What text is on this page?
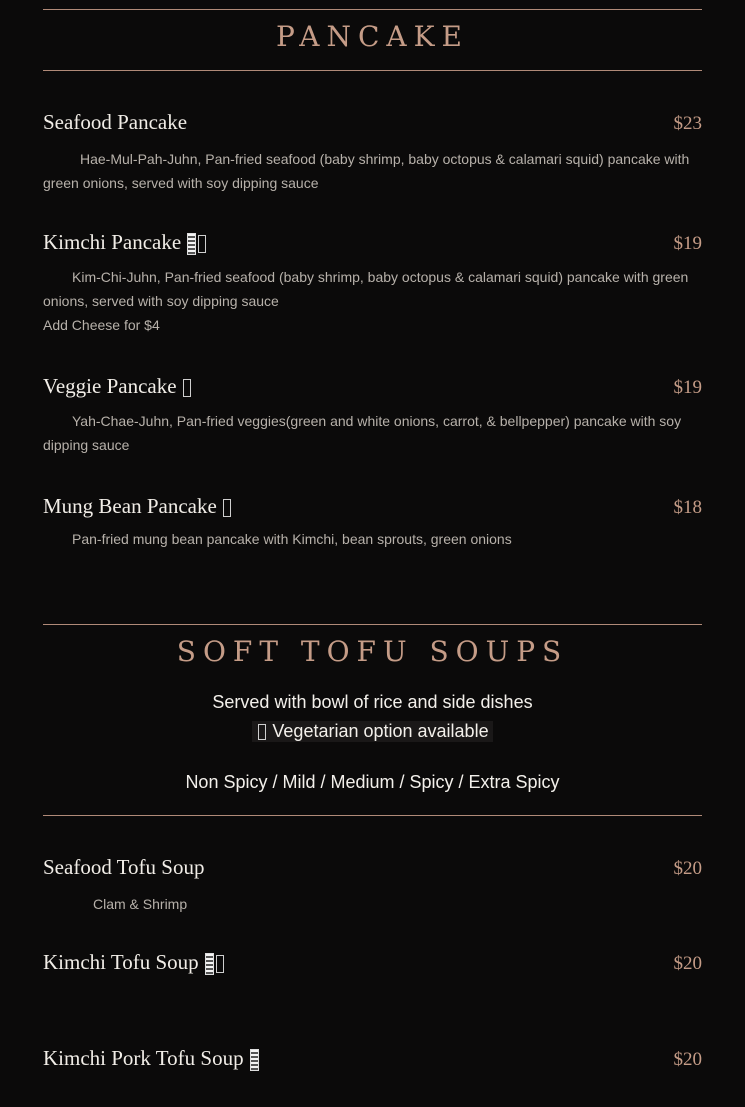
PANCAKE
Seafood Pancake	$23
Hae-Mul-Pah-Juhn, Pan-fried seafood (baby shrimp, baby octopus & calamari squid) pancake with green onions, served with soy dipping sauce
Kimchi Pancake	$19
Kim-Chi-Juhn, Pan-fried seafood (baby shrimp, baby octopus & calamari squid) pancake with green onions, served with soy dipping sauce
Add Cheese for $4
Veggie Pancake	$19
Yah-Chae-Juhn, Pan-fried veggies(green and white onions, carrot, & bellpepper) pancake with soy dipping sauce
Mung Bean Pancake	$18
Pan-fried mung bean pancake with Kimchi, bean sprouts, green onions
SOFT TOFU SOUPS
Served with bowl of rice and side dishes
Vegetarian option available
Non Spicy / Mild / Medium / Spicy / Extra Spicy
Seafood Tofu Soup	$20
Clam & Shrimp
Kimchi Tofu Soup	$20
Kimchi Pork Tofu Soup	$20
